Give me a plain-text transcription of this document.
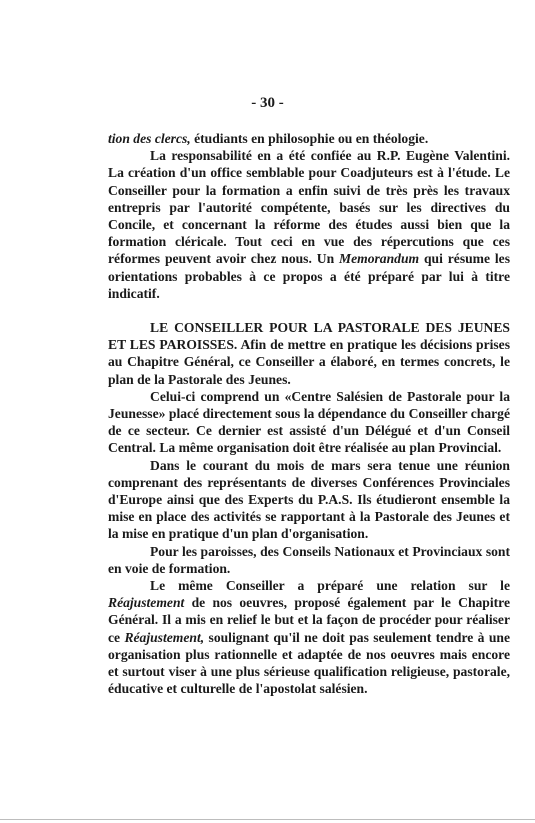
- 30 -

tion des clercs, étudiants en philosophie ou en théologie.

La responsabilité en a été confiée au R.P. Eugène Valentini. La création d'un office semblable pour Coadjuteurs est à l'étude. Le Conseiller pour la formation a enfin suivi de très près les travaux entrepris par l'autorité compétente, basés sur les directives du Concile, et concernant la réforme des études aussi bien que la formation cléricale. Tout ceci en vue des répercutions que ces réformes peuvent avoir chez nous. Un Memorandum qui résume les orientations probables à ce propos a été préparé par lui à titre indicatif.

LE CONSEILLER POUR LA PASTORALE DES JEUNES ET LES PAROISSES. Afin de mettre en pratique les décisions prises au Chapitre Général, ce Conseiller a élaboré, en termes concrets, le plan de la Pastorale des Jeunes.

Celui-ci comprend un «Centre Salésien de Pastorale pour la Jeunesse» placé directement sous la dépendance du Conseiller chargé de ce secteur. Ce dernier est assisté d'un Délégué et d'un Conseil Central. La même organisation doit être réalisée au plan Provincial.

Dans le courant du mois de mars sera tenue une réunion comprenant des représentants de diverses Conférences Provinciales d'Europe ainsi que des Experts du P.A.S. Ils étudieront ensemble la mise en place des activités se rapportant à la Pastorale des Jeunes et la mise en pratique d'un plan d'organisation.

Pour les paroisses, des Conseils Nationaux et Provinciaux sont en voie de formation.

Le même Conseiller a préparé une relation sur le Réajustement de nos oeuvres, proposé également par le Chapitre Général. Il a mis en relief le but et la façon de procéder pour réaliser ce Réajustement, soulignant qu'il ne doit pas seulement tendre à une organisation plus rationnelle et adaptée de nos oeuvres mais encore et surtout viser à une plus sérieuse qualification religieuse, pastorale, éducative et culturelle de l'apostolat salésien.
